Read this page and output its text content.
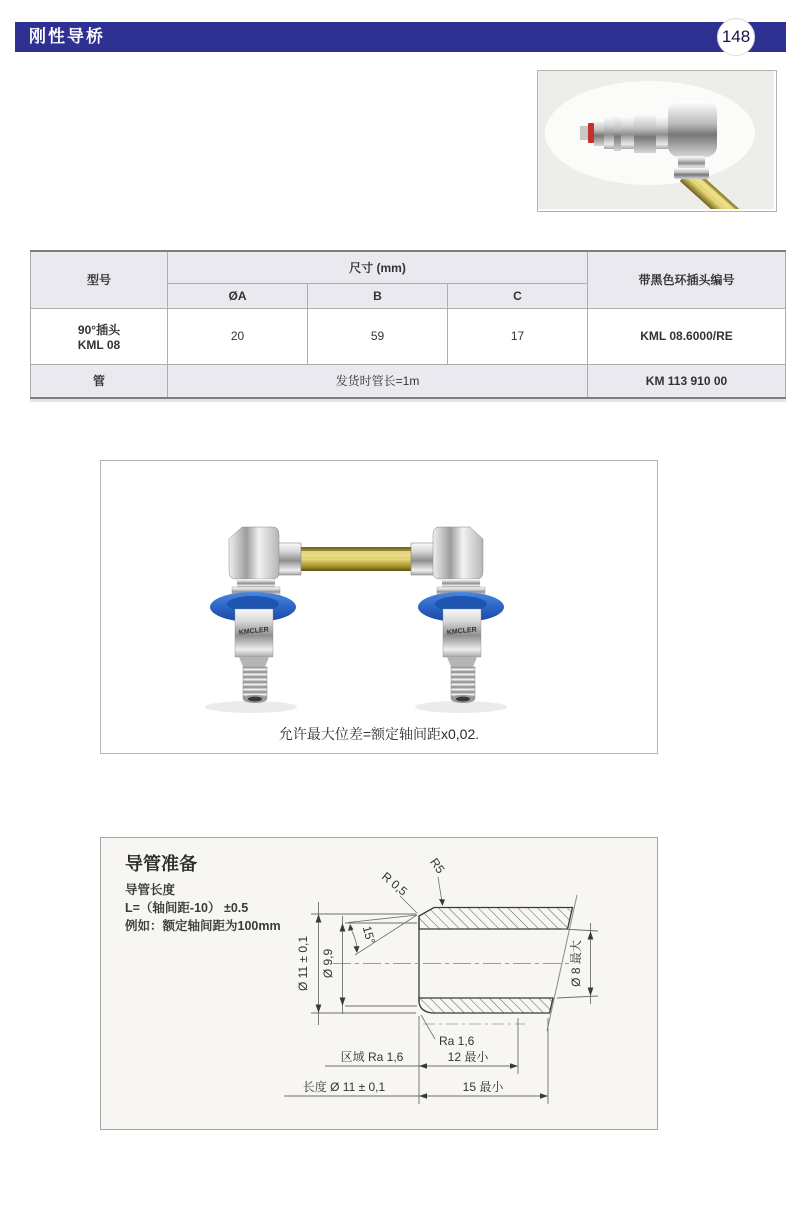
刚性导桥	148
型号	尺寸 (mm)			带黑色环插头编号
	ØA	B	C	

90°插头
KML 08	20	59	17	KML 08.6000/RE
管	发货时管长=1m			KM 113 910 00
KMCLER	KMCLER
允许最大位差=额定轴间距x0,02.
Ø 11 ± 0,1 Ø 9,9
15°
R 0,5
R5
Ø 8 最大
Ra 1,6
区域 Ra 1,6	12 最小
长度 Ø 11 ± 0,1	15 最小
导管准备
导管长度
L=（轴间距-10） ±0.5
例如：额定轴间距为100mm
